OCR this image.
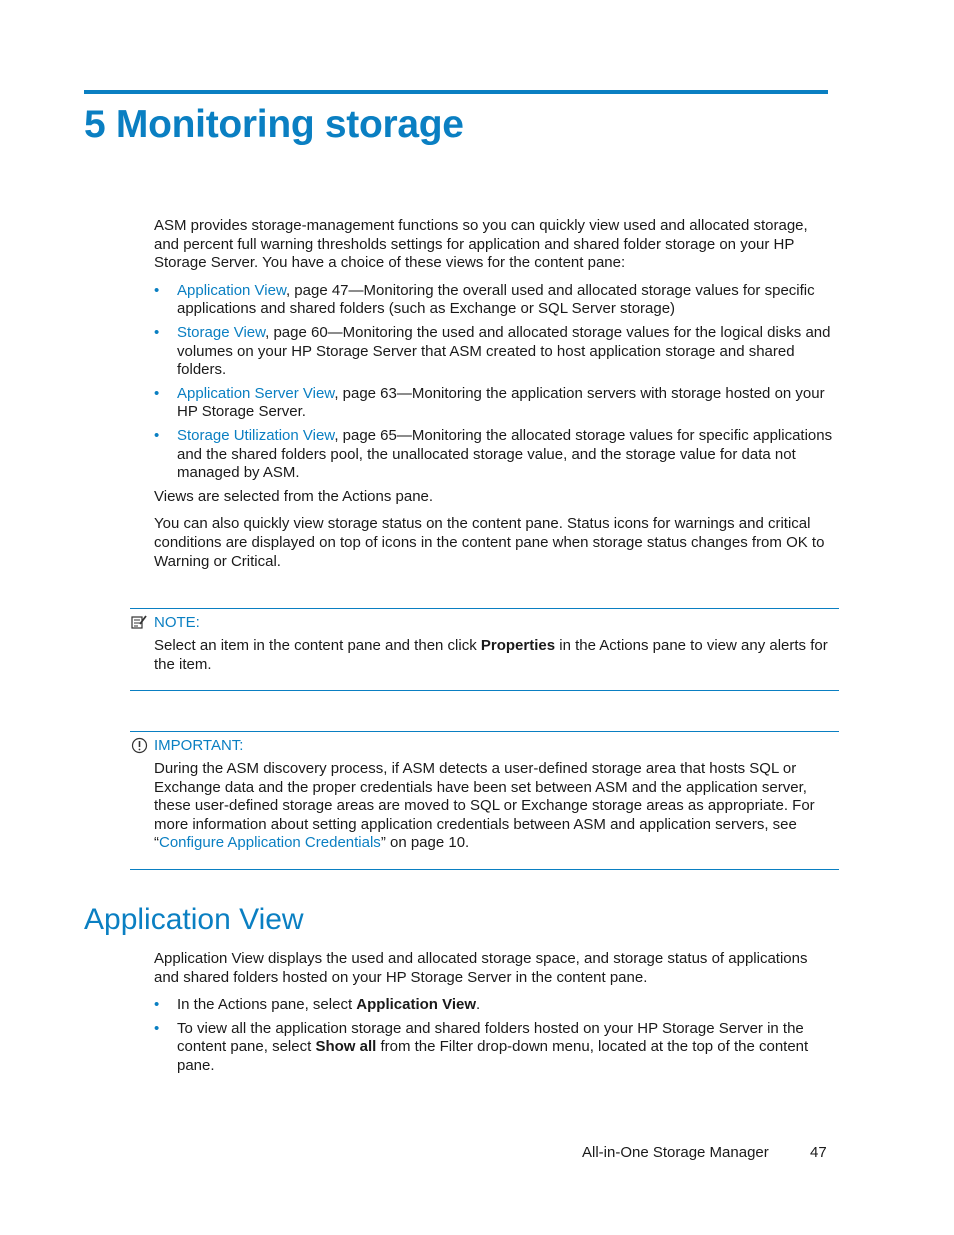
5 Monitoring storage

ASM provides storage-management functions so you can quickly view used and allocated storage, and percent full warning thresholds settings for application and shared folder storage on your HP Storage Server. You have a choice of these views for the content pane:

• Application View, page 47—Monitoring the overall used and allocated storage values for specific applications and shared folders (such as Exchange or SQL Server storage)
• Storage View, page 60—Monitoring the used and allocated storage values for the logical disks and volumes on your HP Storage Server that ASM created to host application storage and shared folders.
• Application Server View, page 63—Monitoring the application servers with storage hosted on your HP Storage Server.
• Storage Utilization View, page 65—Monitoring the allocated storage values for specific applications and the shared folders pool, the unallocated storage value, and the storage value for data not managed by ASM.

Views are selected from the Actions pane.

You can also quickly view storage status on the content pane. Status icons for warnings and critical conditions are displayed on top of icons in the content pane when storage status changes from OK to Warning or Critical.

NOTE:

Select an item in the content pane and then click Properties in the Actions pane to view any alerts for the item.

IMPORTANT:

During the ASM discovery process, if ASM detects a user-defined storage area that hosts SQL or Exchange data and the proper credentials have been set between ASM and the application server, these user-defined storage areas are moved to SQL or Exchange storage areas as appropriate. For more information about setting application credentials between ASM and application servers, see
“Configure Application Credentials” on page 10.

Application View

Application View displays the used and allocated storage space, and storage status of applications and shared folders hosted on your HP Storage Server in the content pane.

• In the Actions pane, select Application View.
• To view all the application storage and shared folders hosted on your HP Storage Server in the content pane, select Show all from the Filter drop-down menu, located at the top of the content pane.
All-in-One Storage Manager	47
